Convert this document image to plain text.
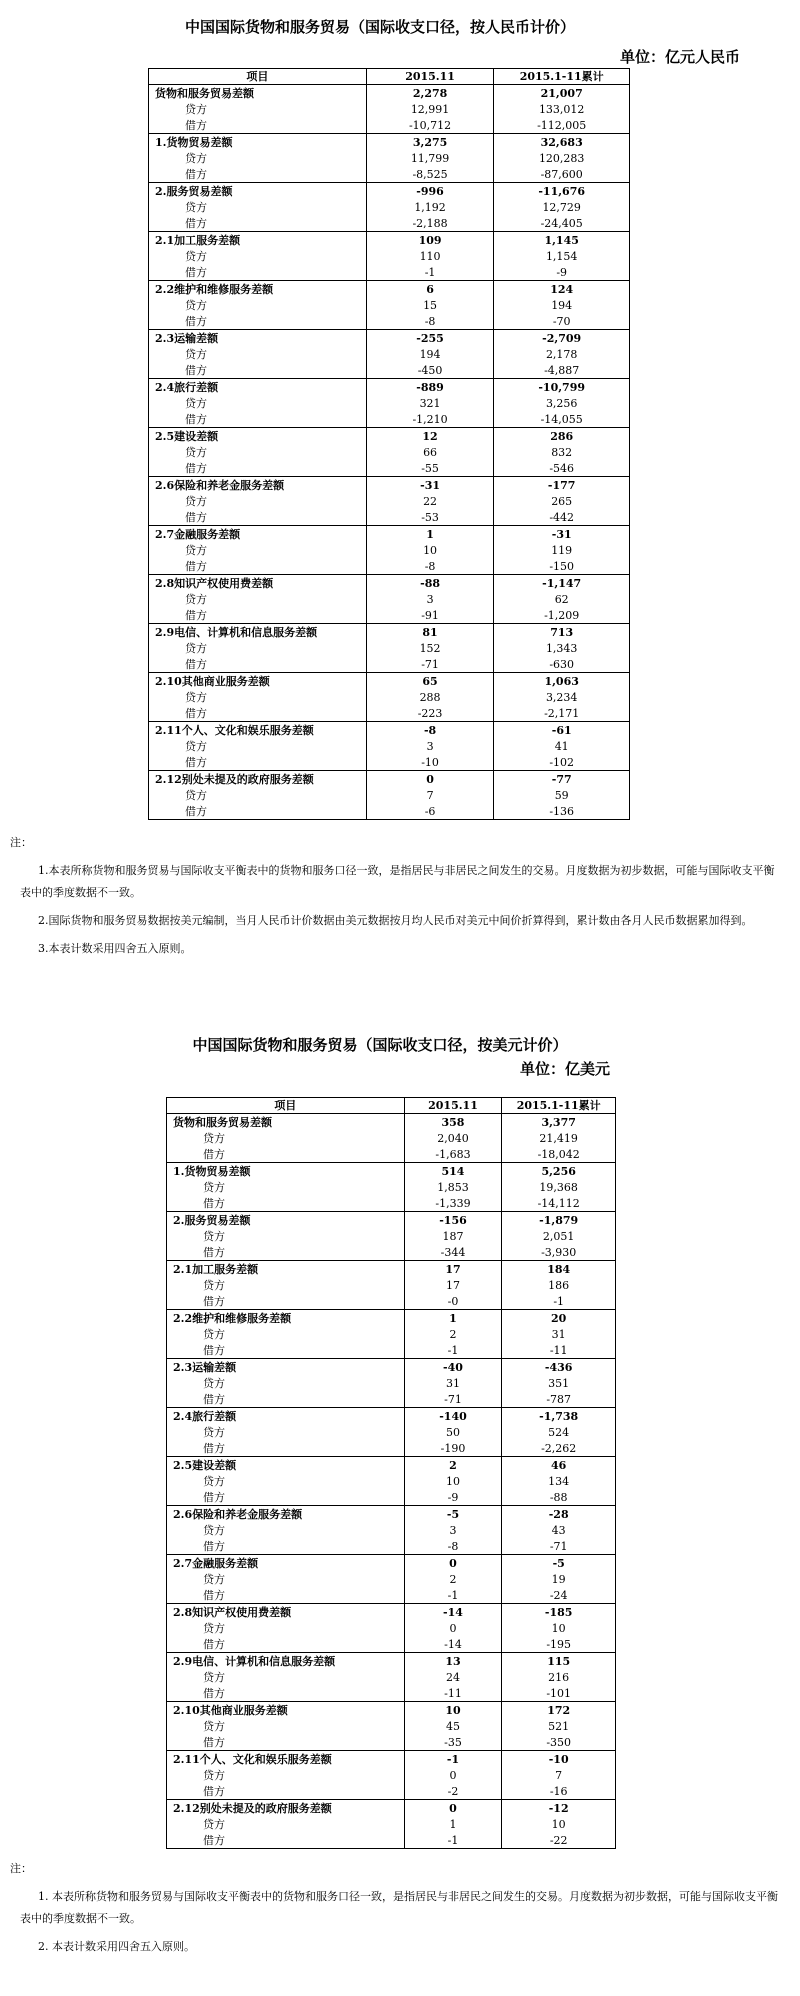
中国国际货物和服务贸易（国际收支口径，按人民币计价）
单位：亿元人民币
项目	2015.11	2015.1-11累计
货物和服务贸易差额	2,278	21,007
贷方	12,991	133,012
借方	-10,712	-112,005
1.货物贸易差额	3,275	32,683
贷方	11,799	120,283
借方	-8,525	-87,600
2.服务贸易差额	-996	-11,676
贷方	1,192	12,729
借方	-2,188	-24,405
2.1加工服务差额	109	1,145
贷方	110	1,154
借方	-1	-9
2.2维护和维修服务差额	6	124
贷方	15	194
借方	-8	-70
2.3运输差额	-255	-2,709
贷方	194	2,178
借方	-450	-4,887
2.4旅行差额	-889	-10,799
贷方	321	3,256
借方	-1,210	-14,055
2.5建设差额	12	286
贷方	66	832
借方	-55	-546
2.6保险和养老金服务差额	-31	-177
贷方	22	265
借方	-53	-442
2.7金融服务差额	1	-31
贷方	10	119
借方	-8	-150
2.8知识产权使用费差额	-88	-1,147
贷方	3	62
借方	-91	-1,209
2.9电信、计算机和信息服务差额	81	713
贷方	152	1,343
借方	-71	-630
2.10其他商业服务差额	65	1,063
贷方	288	3,234
借方	-223	-2,171
2.11个人、文化和娱乐服务差额	-8	-61
贷方	3	41
借方	-10	-102
2.12别处未提及的政府服务差额	0	-77
贷方	7	59
借方	-6	-136
注：

1.本表所称货物和服务贸易与国际收支平衡表中的货物和服务口径一致，是指居民与非居民之间发生的交易。月度数据为初步数据，可能与国际收支平衡表中的季度数据不一致。

2.国际货物和服务贸易数据按美元编制，当月人民币计价数据由美元数据按月均人民币对美元中间价折算得到，累计数由各月人民币数据累加得到。

3.本表计数采用四舍五入原则。

中国国际货物和服务贸易（国际收支口径，按美元计价）
单位：亿美元
项目	2015.11	2015.1-11累计
货物和服务贸易差额	358	3,377
贷方	2,040	21,419
借方	-1,683	-18,042
1.货物贸易差额	514	5,256
贷方	1,853	19,368
借方	-1,339	-14,112
2.服务贸易差额	-156	-1,879
贷方	187	2,051
借方	-344	-3,930
2.1加工服务差额	17	184
贷方	17	186
借方	-0	-1
2.2维护和维修服务差额	1	20
贷方	2	31
借方	-1	-11
2.3运输差额	-40	-436
贷方	31	351
借方	-71	-787
2.4旅行差额	-140	-1,738
贷方	50	524
借方	-190	-2,262
2.5建设差额	2	46
贷方	10	134
借方	-9	-88
2.6保险和养老金服务差额	-5	-28
贷方	3	43
借方	-8	-71
2.7金融服务差额	0	-5
贷方	2	19
借方	-1	-24
2.8知识产权使用费差额	-14	-185
贷方	0	10
借方	-14	-195
2.9电信、计算机和信息服务差额	13	115
贷方	24	216
借方	-11	-101
2.10其他商业服务差额	10	172
贷方	45	521
借方	-35	-350
2.11个人、文化和娱乐服务差额	-1	-10
贷方	0	7
借方	-2	-16
2.12别处未提及的政府服务差额	0	-12
贷方	1	10
借方	-1	-22
注：

1. 本表所称货物和服务贸易与国际收支平衡表中的货物和服务口径一致，是指居民与非居民之间发生的交易。月度数据为初步数据，可能与国际收支平衡表中的季度数据不一致。

2. 本表计数采用四舍五入原则。
